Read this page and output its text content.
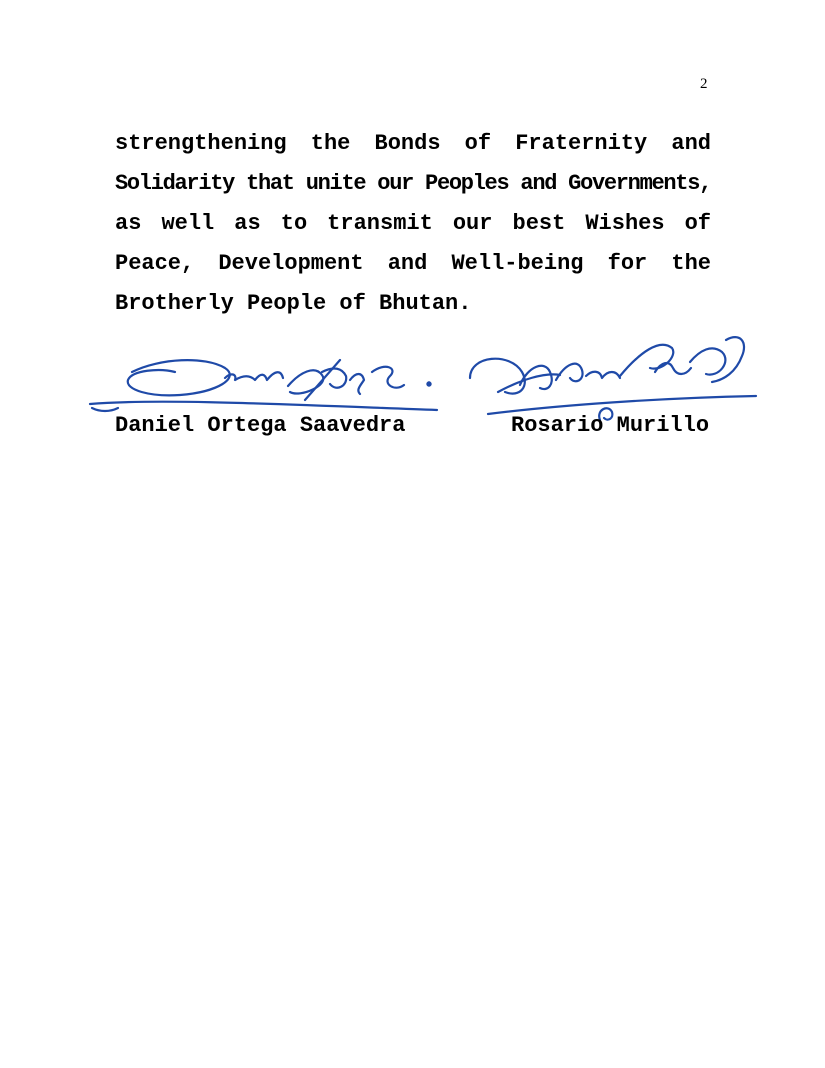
2
strengthening the Bonds of Fraternity and
Solidarity that unite our Peoples and Governments,
as well as to transmit our best Wishes of
Peace, Development and Well-being for the
Brotherly People of Bhutan.
Daniel Ortega Saavedra	Rosario Murillo
